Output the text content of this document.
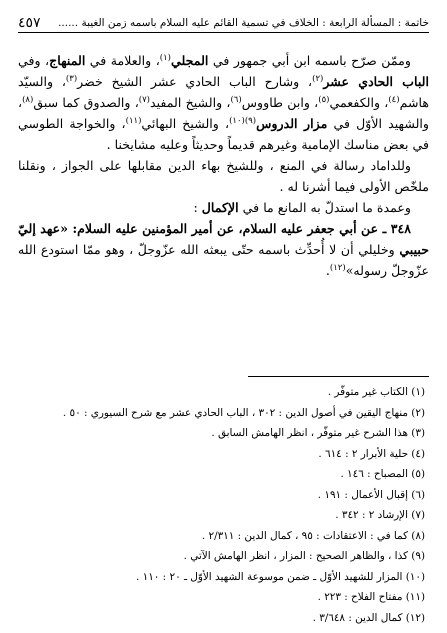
خاتمة : المسألة الرابعة : الخلاف في تسمية القائم عليه السلام باسمه زمن الغيبة ......
٤٥٧

وممّن صرّح باسمه ابن أبي جمهور في المجلي$^{(١)}$، والعلامة في المنهاج، وفي الباب الحادي عشر$^{(٢)}$، وشارح الباب الحادي عشر الشيخ خضر$^{(٣)}$، والسيّد هاشم$^{(٤)}$، والكفعمي$^{(٥)}$، وابن طاووس$^{(٦)}$، والشيخ المفيد$^{(٧)}$، والصدوق كما سبق$^{(٨)}$، والشهيد الأوّل في مزار الدروس$^{(٩)(١٠)}$، والشيخ البهائي$^{(١١)}$، والخواجة الطوسي في بعض مناسك الإمامية وغيرهم قديماً وحديثاً وعليه مشايخنا .

وللداماد رسالة في المنع ، وللشيخ بهاء الدين مقابلها على الجواز ، ونقلنا ملخّص الأولى فيما أشرنا له .

وعمدة ما استدلّ به المانع ما في الإكمال :

٣٤٨ ـ عن أبي جعفر عليه السلام، عن أمير المؤمنين عليه السلام: «عهد إليّ حبيبي وخليلي أن لا أُحدِّث باسمه حتّى يبعثه الله عزّوجلّ ، وهو ممّا استودع الله عزّوجلّ رسوله»$^{(١٢)}$.

(١) الكتاب غير متوفّر .
(٢) منهاج اليقين في أصول الدين : ٣٠٢ ، الباب الحادي عشر مع شرح السيوري : ٥٠ .
(٣) هذا الشرح غير متوفّر ، انظر الهامش السابق .
(٤) حلية الأبرار ٢ : ٦١٤ .
(٥) المصباح : ١٤٦ .
(٦) إقبال الأعمال : ١٩١ .
(٧) الإرشاد ٢ : ٣٤٢ .
(٨) كما في : الاعتقادات : ٩٥ ، كمال الدين : ٢/٣١١ .
(٩) كذا ، والظاهر الصحيح : المزار ، انظر الهامش الآتي .
(١٠) المزار للشهيد الأوّل ـ ضمن موسوعة الشهيد الأوّل ـ ٢٠ : ١١٠ .
(١١) مفتاح الفلاح : ٢٢٣ .
(١٢) كمال الدين : ٣/٦٤٨ .
